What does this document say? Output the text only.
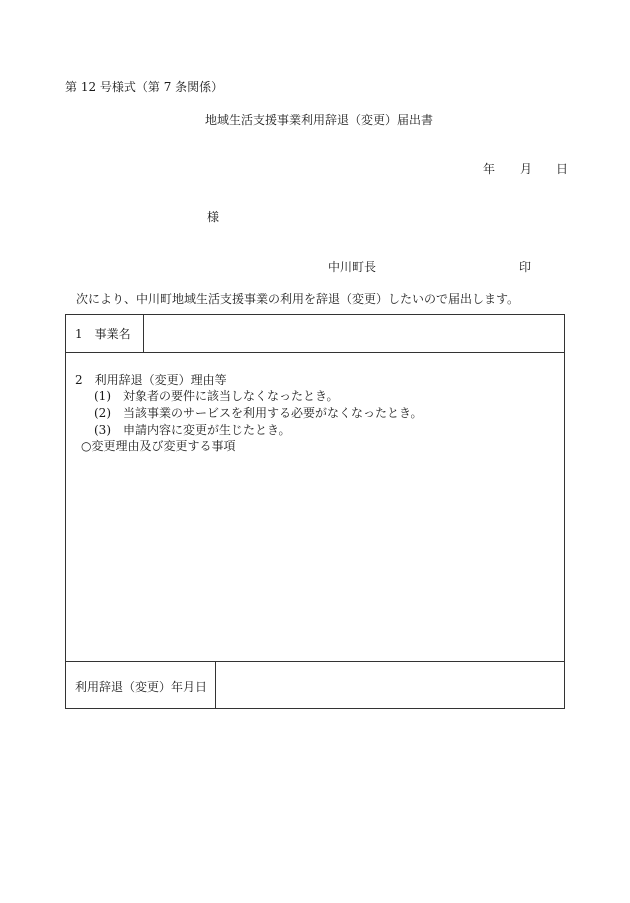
第 12 号様式（第 7 条関係）
地域生活支援事業利用辞退（変更）届出書
年 月 日
様
中川町長	印
次により、中川町地域生活支援事業の利用を辞退（変更）したいので届出します。
1　事業名
2　利用辞退（変更）理由等
(1)　対象者の要件に該当しなくなったとき。
(2)　当該事業のサービスを利用する必要がなくなったとき。
(3)　申請内容に変更が生じたとき。
○変更理由及び変更する事項
利用辞退（変更）年月日
